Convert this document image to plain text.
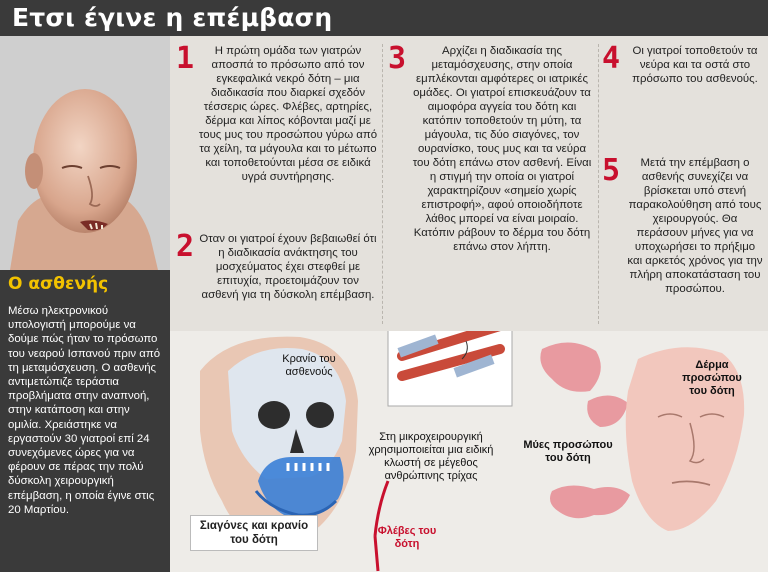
Ετσι έγινε η επέμβαση
Ο ασθενής
Μέσω ηλεκτρονικού υπολογιστή μπορούμε να δούμε πώς ήταν το πρόσωπο του νεαρού Ισπανού πριν από τη μεταμόσχευση. Ο ασθενής αντιμετώπιζε τεράστια προβλήματα στην αναπνοή, στην κατάποση και στην ομιλία. Χρειάστηκε να εργαστούν 30 γιατροί επί 24 συνεχόμενες ώρες για να φέρουν σε πέρας την πολύ δύσκολη χειρουργική επέμβαση, η οποία έγινε στις 20 Μαρτίου.
1	Η πρώτη ομάδα των γιατρών αποσπά το πρόσωπο από τον εγκεφαλικά νεκρό δότη – μια διαδικασία που διαρκεί σχεδόν τέσσερις ώρες. Φλέβες, αρτηρίες, δέρμα και λίπος κόβονται μαζί με τους μυς του προσώπου γύρω από τα χείλη, τα μάγουλα και το μέτωπο και τοποθετούνται μέσα σε ειδικά υγρά συντήρησης.
2 Οταν οι γιατροί έχουν βεβαιωθεί ότι η διαδικασία ανάκτησης του μοσχεύματος έχει στεφθεί με επιτυχία, προετοιμάζουν τον ασθενή για τη δύσκολη επέμβαση.
3	Αρχίζει η διαδικασία της μεταμόσχευσης, στην οποία εμπλέκονται αμφότερες οι ιατρικές ομάδες. Οι γιατροί επισκευάζουν τα αιμοφόρα αγγεία του δότη και κατόπιν τοποθετούν τη μύτη, τα μάγουλα, τις δύο σιαγόνες, τον ουρανίσκο, τους μυς και τα νεύρα του δότη επάνω στον ασθενή. Είναι η στιγμή την οποία οι γιατροί χαρακτηρίζουν «σημείο χωρίς επιστροφή», αφού οποιοδήποτε λάθος μπορεί να είναι μοιραίο. Κατόπιν ράβουν το δέρμα του δότη επάνω στον λήπτη.
4	Οι γιατροί τοποθετούν τα νεύρα και τα οστά στο πρόσωπο του ασθενούς.
5	Μετά την επέμβαση ο ασθενής συνεχίζει να βρίσκεται υπό στενή παρακολούθηση από τους χειρουργούς. Θα περάσουν μήνες για να υποχωρήσει το πρήξιμο και αρκετός χρόνος για την πλήρη αποκατάσταση του προσώπου.
Κρανίο του ασθενούς
Σιαγόνες και κρανίο του δότη
Στη μικροχειρουργική χρησιμοποιείται μια ειδική κλωστή σε μέγεθος ανθρώπινης τρίχας
Φλέβες του δότη
Μύες προσώπου του δότη
Δέρμα προσώπου του δότη
